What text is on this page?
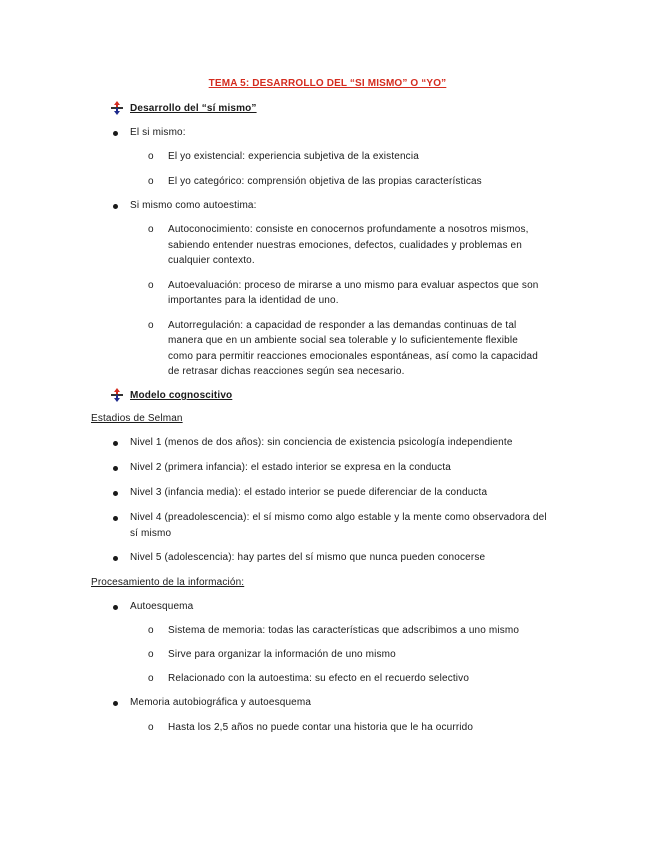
TEMA 5: DESARROLLO DEL “SI MISMO” O “YO”
Desarrollo del “sí mismo”
El si mismo:
o El yo existencial: experiencia subjetiva de la existencia
o El yo categórico: comprensión objetiva de las propias características
Si mismo como autoestima:
o Autoconocimiento: consiste en conocernos profundamente a nosotros mismos,
sabiendo entender nuestras emociones, defectos, cualidades y problemas en
cualquier contexto.
o Autoevaluación: proceso de mirarse a uno mismo para evaluar aspectos que son
importantes para la identidad de uno.
o Autorregulación: a capacidad de responder a las demandas continuas de tal
manera que en un ambiente social sea tolerable y lo suficientemente flexible
como para permitir reacciones emocionales espontáneas, así como la capacidad
de retrasar dichas reacciones según sea necesario.
Modelo cognoscitivo
Estadios de Selman
Nivel 1 (menos de dos años): sin conciencia de existencia psicología independiente
Nivel 2 (primera infancia): el estado interior se expresa en la conducta
Nivel 3 (infancia media): el estado interior se puede diferenciar de la conducta
Nivel 4 (preadolescencia): el sí mismo como algo estable y la mente como observadora del
sí mismo
Nivel 5 (adolescencia): hay partes del sí mismo que nunca pueden conocerse
Procesamiento de la información:
Autoesquema
o Sistema de memoria: todas las características que adscribimos a uno mismo
o Sirve para organizar la información de uno mismo
o Relacionado con la autoestima: su efecto en el recuerdo selectivo
Memoria autobiográfica y autoesquema
o Hasta los 2,5 años no puede contar una historia que le ha ocurrido
